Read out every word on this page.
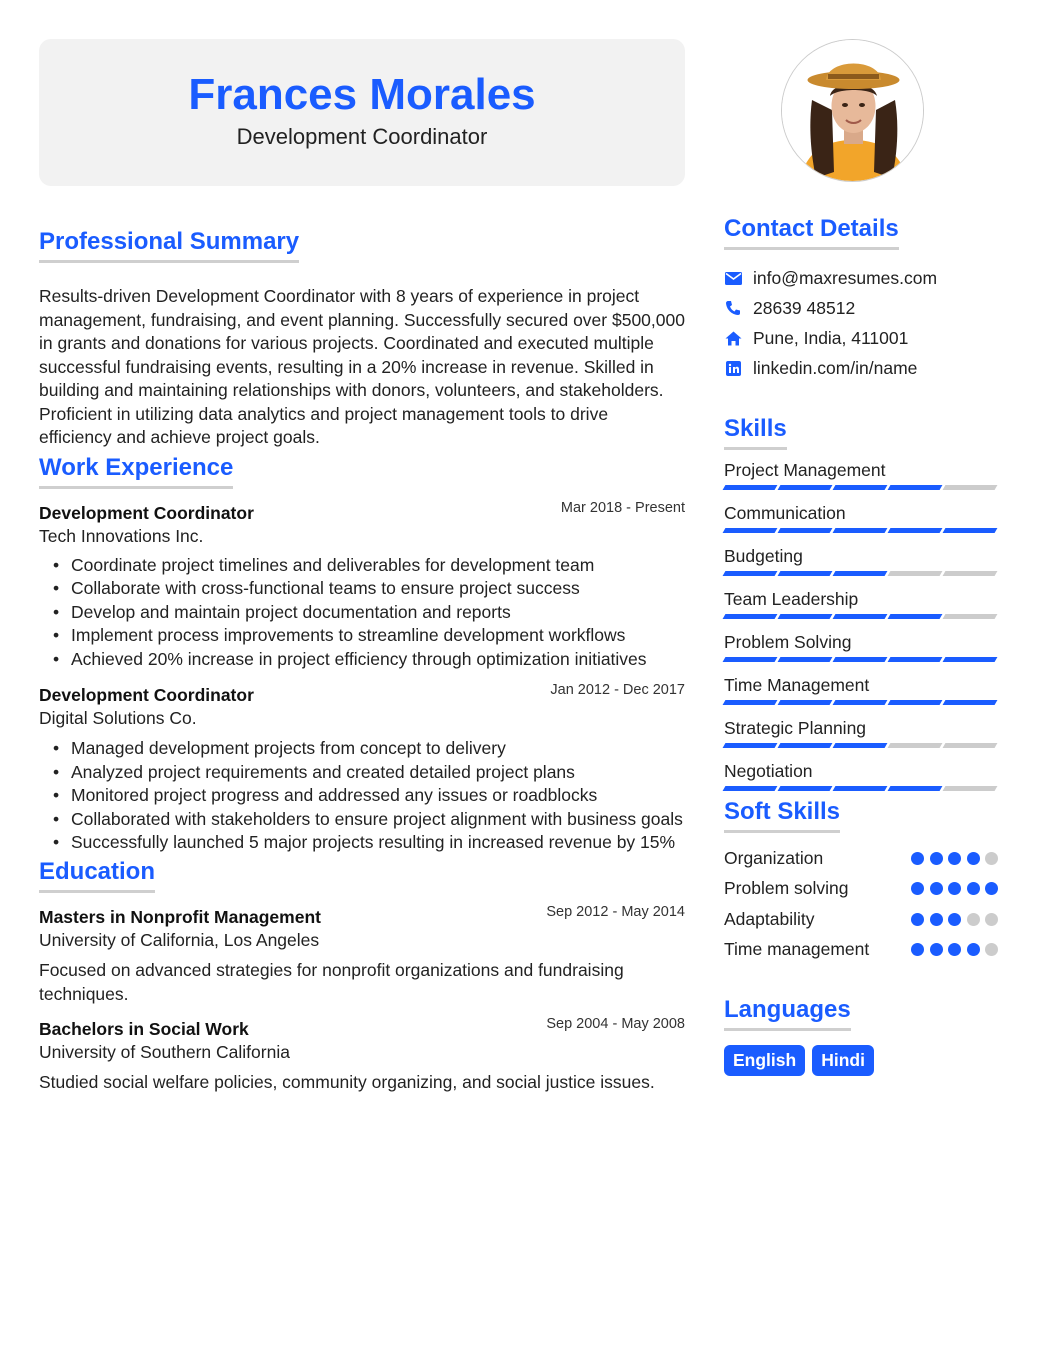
Frances Morales
Development Coordinator
Professional Summary

Results-driven Development Coordinator with 8 years of experience in project management, fundraising, and event planning. Successfully secured over $500,000 in grants and donations for various projects. Coordinated and executed multiple successful fundraising events, resulting in a 20% increase in revenue. Skilled in building and maintaining relationships with donors, volunteers, and stakeholders. Proficient in utilizing data analytics and project management tools to drive efficiency and achieve project goals.

Work Experience
Development Coordinator	Mar 2018 - Present
Tech Innovations Inc.
• Coordinate project timelines and deliverables for development team
• Collaborate with cross-functional teams to ensure project success
• Develop and maintain project documentation and reports
• Implement process improvements to streamline development workflows
• Achieved 20% increase in project efficiency through optimization initiatives
Development Coordinator	Jan 2012 - Dec 2017
Digital Solutions Co.
• Managed development projects from concept to delivery
• Analyzed project requirements and created detailed project plans
• Monitored project progress and addressed any issues or roadblocks
• Collaborated with stakeholders to ensure project alignment with business goals
• Successfully launched 5 major projects resulting in increased revenue by 15%
Education
Masters in Nonprofit Management	Sep 2012 - May 2014
University of California, Los Angeles

Focused on advanced strategies for nonprofit organizations and fundraising techniques.

Bachelors in Social Work	Sep 2004 - May 2008
University of Southern California

Studied social welfare policies, community organizing, and social justice issues.

Contact Details
info@maxresumes.com
28639 48512
Pune, India, 411001
linkedin.com/in/name
Skills
Project Management
Communication
Budgeting
Team Leadership
Problem Solving
Time Management
Strategic Planning
Negotiation
Soft Skills
Organization
Problem solving
Adaptability
Time management
Languages
English	Hindi
